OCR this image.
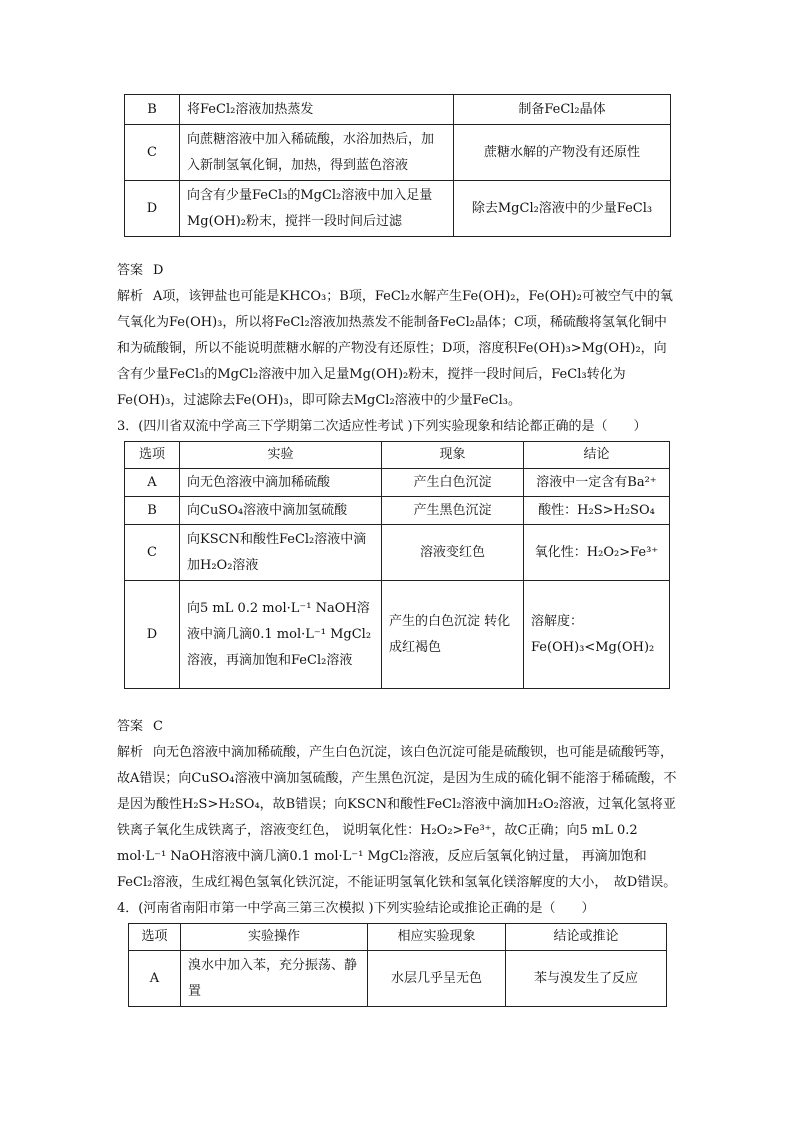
B	将FeCl₂溶液加热蒸发	制备FeCl₂晶体
C	向蔗糖溶液中加入稀硫酸，水浴加热后，加入新制氢氧化铜，加热，得到蓝色溶液	蔗糖水解的产物没有还原性
D	向含有少量FeCl₃的MgCl₂溶液中加入足量Mg(OH)₂粉末，搅拌一段时间后过滤	除去MgCl₂溶液中的少量FeCl₃

答案 D

解析 A项，该钾盐也可能是KHCO₃；B项，FeCl₂水解产生Fe(OH)₂，Fe(OH)₂可被空气中的氧气氧化为Fe(OH)₃，所以将FeCl₂溶液加热蒸发不能制备FeCl₂晶体；C项，稀硫酸将氢氧化铜中和为硫酸铜，所以不能说明蔗糖水解的产物没有还原性；D项，溶度积Fe(OH)₃>Mg(OH)₂，向含有少量FeCl₃的MgCl₂溶液中加入足量Mg(OH)₂粉末，搅拌一段时间后，FeCl₃转化为Fe(OH)₃，过滤除去Fe(OH)₃，即可除去MgCl₂溶液中的少量FeCl₃。

3．(四川省双流中学高三下学期第二次适应性考试 )下列实验现象和结论都正确的是（　　）

选项	实验	现象	结论
A	向无色溶液中滴加稀硫酸	产生白色沉淀	溶液中一定含有Ba²⁺
B	向CuSO₄溶液中滴加氢硫酸	产生黑色沉淀	酸性：H₂S>H₂SO₄
C	向KSCN和酸性FeCl₂溶液中滴加H₂O₂溶液	溶液变红色	氧化性：H₂O₂>Fe³⁺
D	向5 mL 0.2 mol·L⁻¹ NaOH溶液中滴几滴0.1 mol·L⁻¹ MgCl₂溶液，再滴加饱和FeCl₂溶液	产生的白色沉淀 转化成红褐色	溶解度：Fe(OH)₃<Mg(OH)₂

答案 C

解析 向无色溶液中滴加稀硫酸，产生白色沉淀，该白色沉淀可能是硫酸钡，也可能是硫酸钙等，故A错误；向CuSO₄溶液中滴加氢硫酸，产生黑色沉淀，是因为生成的硫化铜不能溶于稀硫酸，不是因为酸性H₂S>H₂SO₄，故B错误；向KSCN和酸性FeCl₂溶液中滴加H₂O₂溶液，过氧化氢将亚铁离子氧化生成铁离子，溶液变红色， 说明氧化性：H₂O₂>Fe³⁺，故C正确；向5 mL 0.2 mol·L⁻¹ NaOH溶液中滴几滴0.1 mol·L⁻¹ MgCl₂溶液，反应后氢氧化钠过量， 再滴加饱和FeCl₂溶液，生成红褐色氢氧化铁沉淀，不能证明氢氧化铁和氢氧化镁溶解度的大小，　故D错误。

4．(河南省南阳市第一中学高三第三次模拟 )下列实验结论或推论正确的是（　　）

选项	实验操作	相应实验现象	结论或推论
A	溴水中加入苯，充分振荡、静置	水层几乎呈无色	苯与溴发生了反应
